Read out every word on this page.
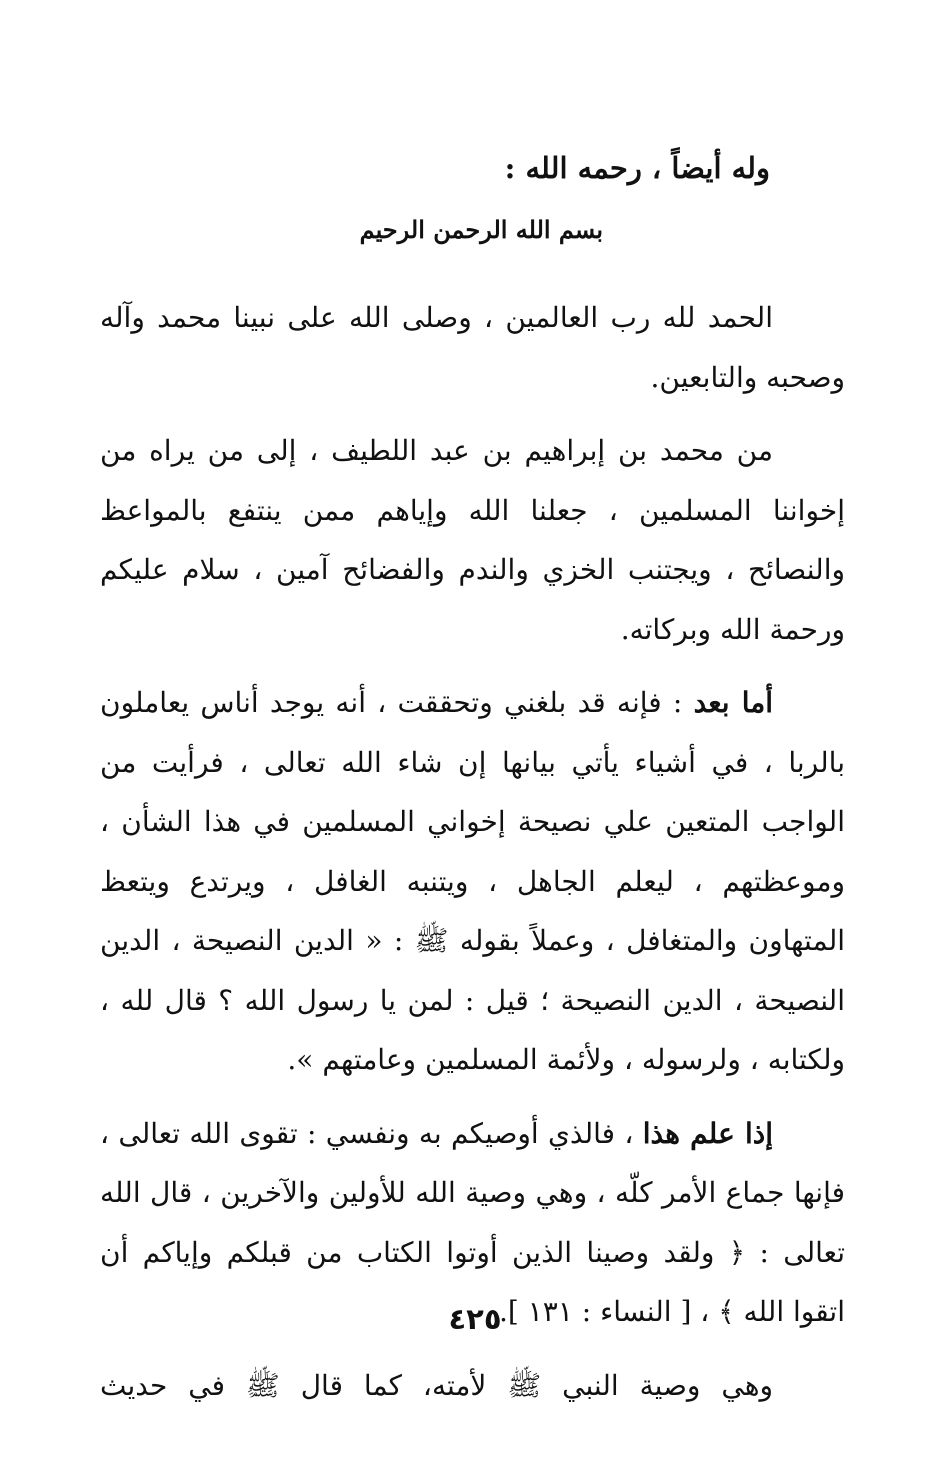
وله أيضاً ، رحمه الله :
بسم الله الرحمن الرحيم

الحمد لله رب العالمين ، وصلى الله على نبينا محمد وآله وصحبه والتابعين.

من محمد بن إبراهيم بن عبد اللطيف ، إلى من يراه من إخواننا المسلمين ، جعلنا الله وإياهم ممن ينتفع بالمواعظ والنصائح ، ويجتنب الخزي والندم والفضائح آمين ، سلام عليكم ورحمة الله وبركاته.

أما بعد : فإنه قد بلغني وتحققت ، أنه يوجد أناس يعاملون بالربا ، في أشياء يأتي بيانها إن شاء الله تعالى ، فرأيت من الواجب المتعين علي نصيحة إخواني المسلمين في هذا الشأن ، وموعظتهم ، ليعلم الجاهل ، ويتنبه الغافل ، ويرتدع ويتعظ المتهاون والمتغافل ، وعملاً بقوله ﷺ : « الدين النصيحة ، الدين النصيحة ، الدين النصيحة ؛ قيل : لمن يا رسول الله ؟ قال لله ، ولكتابه ، ولرسوله ، ولأئمة المسلمين وعامتهم ».

إذا علم هذا ، فالذي أوصيكم به ونفسي : تقوى الله تعالى ، فإنها جماع الأمر كلّه ، وهي وصية الله للأولين والآخرين ، قال الله تعالى : ﴿ ولقد وصينا الذين أوتوا الكتاب من قبلكم وإياكم أن اتقوا الله ﴾ ، [ النساء : ١٣١ ].

وهي وصية النبي ﷺ لأمته، كما قال ﷺ في حديث

٤٢٥
